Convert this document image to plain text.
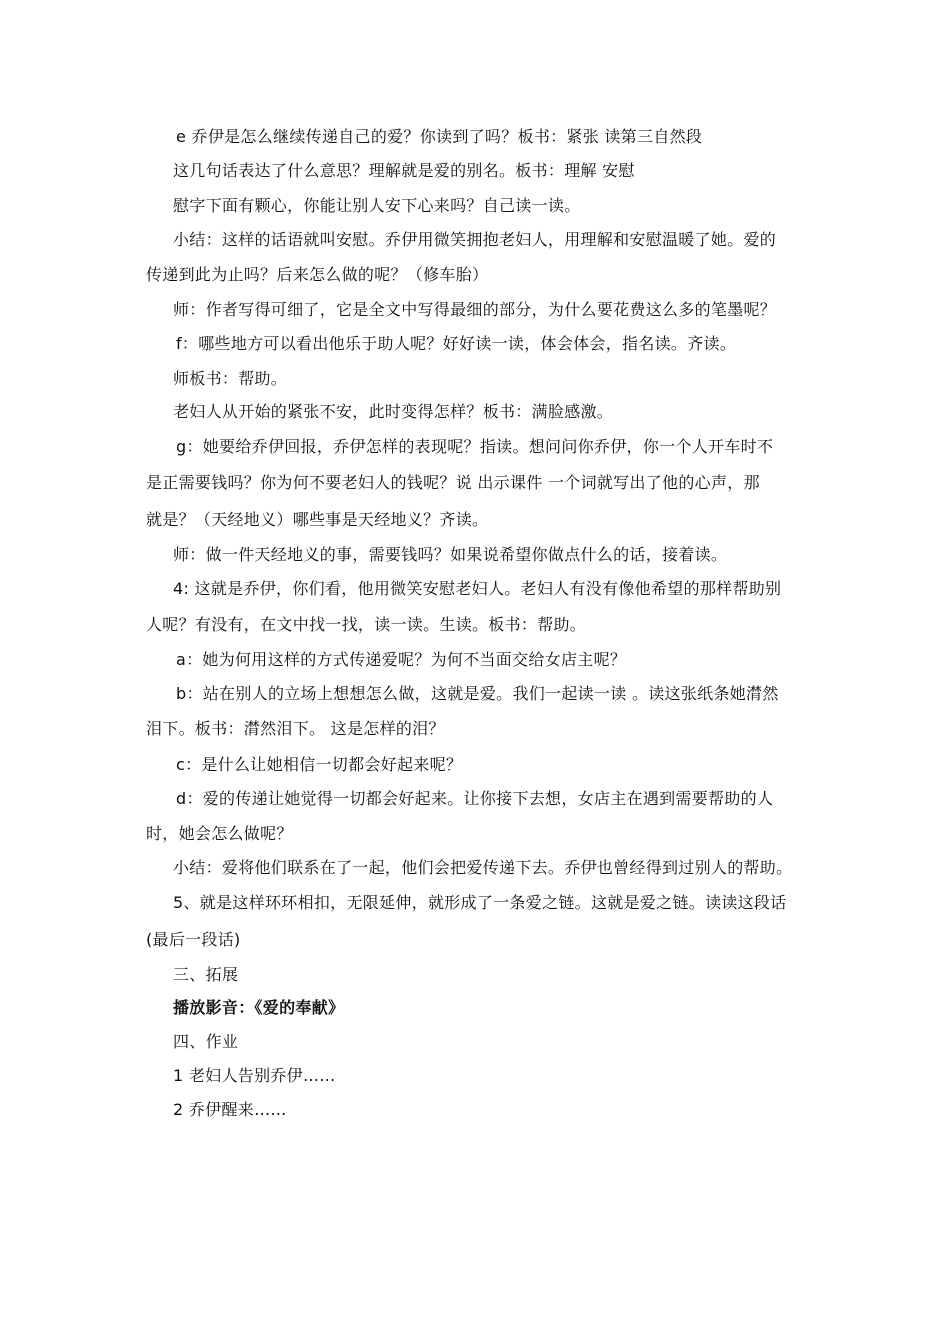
e 乔伊是怎么继续传递自己的爱？你读到了吗？板书：紧张 读第三自然段
这几句话表达了什么意思？理解就是爱的别名。板书：理解 安慰
慰字下面有颗心，你能让别人安下心来吗？自己读一读。
小结：这样的话语就叫安慰。乔伊用微笑拥抱老妇人，用理解和安慰温暖了她。爱的
传递到此为止吗？后来怎么做的呢？（修车胎）
师：作者写得可细了，它是全文中写得最细的部分，为什么要花费这么多的笔墨呢？
f：哪些地方可以看出他乐于助人呢？好好读一读，体会体会，指名读。齐读。
师板书：帮助。
老妇人从开始的紧张不安，此时变得怎样？板书：满脸感激。
g：她要给乔伊回报，乔伊怎样的表现呢？指读。想问问你乔伊，你一个人开车时不
是正需要钱吗？你为何不要老妇人的钱呢？说 出示课件 一个词就写出了他的心声，那
就是？（天经地义）哪些事是天经地义？齐读。
师：做一件天经地义的事，需要钱吗？如果说希望你做点什么的话，接着读。
4: 这就是乔伊，你们看，他用微笑安慰老妇人。老妇人有没有像他希望的那样帮助别
人呢？有没有，在文中找一找，读一读。生读。板书：帮助。
a：她为何用这样的方式传递爱呢？为何不当面交给女店主呢？
b：站在别人的立场上想想怎么做，这就是爱。我们一起读一读 。读这张纸条她潸然
泪下。板书：潸然泪下。 这是怎样的泪？
c：是什么让她相信一切都会好起来呢？
d：爱的传递让她觉得一切都会好起来。让你接下去想，女店主在遇到需要帮助的人
时，她会怎么做呢？
小结：爱将他们联系在了一起，他们会把爱传递下去。乔伊也曾经得到过别人的帮助。
5、就是这样环环相扣，无限延伸，就形成了一条爱之链。这就是爱之链。读读这段话
(最后一段话)
三、拓展
播放影音：《爱的奉献》
四、作业
1 老妇人告别乔伊……
2 乔伊醒来……
